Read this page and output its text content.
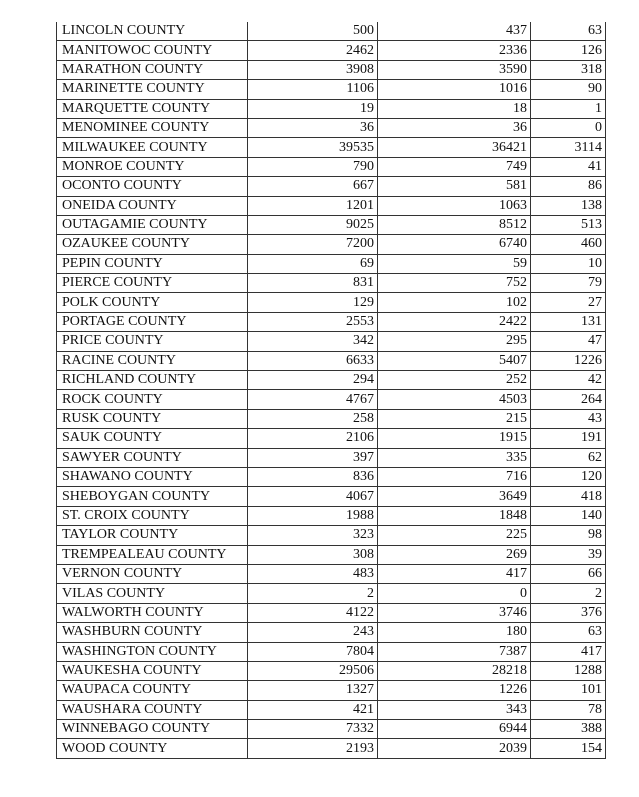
LINCOLN COUNTY	500	437	63
MANITOWOC COUNTY	2462	2336	126
MARATHON COUNTY	3908	3590	318
MARINETTE COUNTY	1106	1016	90
MARQUETTE COUNTY	19	18	1
MENOMINEE COUNTY	36	36	0
MILWAUKEE COUNTY	39535	36421	3114
MONROE COUNTY	790	749	41
OCONTO COUNTY	667	581	86
ONEIDA COUNTY	1201	1063	138
OUTAGAMIE COUNTY	9025	8512	513
OZAUKEE COUNTY	7200	6740	460
PEPIN COUNTY	69	59	10
PIERCE COUNTY	831	752	79
POLK COUNTY	129	102	27
PORTAGE COUNTY	2553	2422	131
PRICE COUNTY	342	295	47
RACINE COUNTY	6633	5407	1226
RICHLAND COUNTY	294	252	42
ROCK COUNTY	4767	4503	264
RUSK COUNTY	258	215	43
SAUK COUNTY	2106	1915	191
SAWYER COUNTY	397	335	62
SHAWANO COUNTY	836	716	120
SHEBOYGAN COUNTY	4067	3649	418
ST. CROIX COUNTY	1988	1848	140
TAYLOR COUNTY	323	225	98
TREMPEALEAU COUNTY	308	269	39
VERNON COUNTY	483	417	66
VILAS COUNTY	2	0	2
WALWORTH COUNTY	4122	3746	376
WASHBURN COUNTY	243	180	63
WASHINGTON COUNTY	7804	7387	417
WAUKESHA COUNTY	29506	28218	1288
WAUPACA COUNTY	1327	1226	101
WAUSHARA COUNTY	421	343	78
WINNEBAGO COUNTY	7332	6944	388
WOOD COUNTY	2193	2039	154
